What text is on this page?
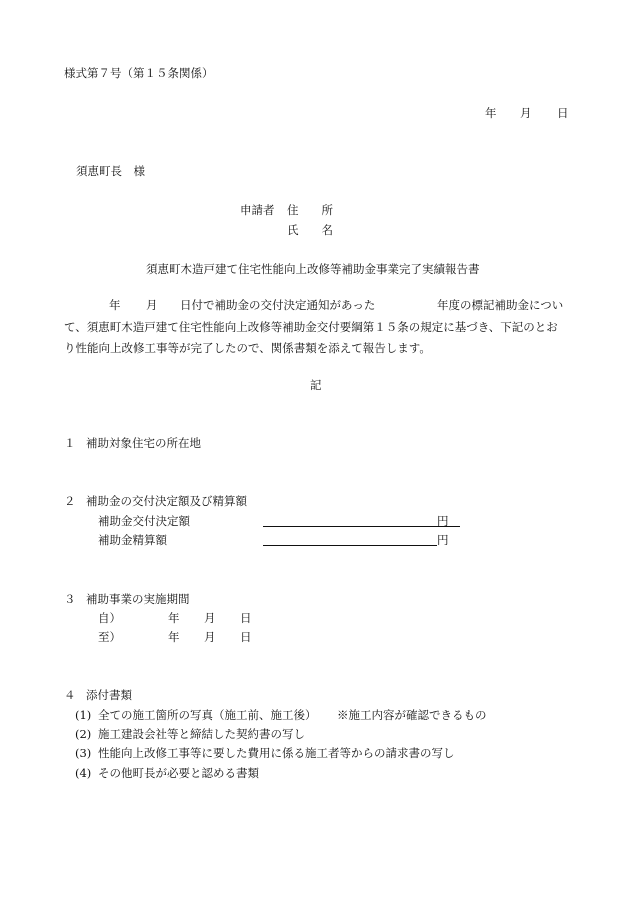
様式第７号（第１５条関係）
年 月 日
須恵町長　様
申請者 住　　所
氏　　名
須恵町木造戸建て住宅性能向上改修等補助金事業完了実績報告書
年 月 日付で補助金の交付決定通知があった	年度の標記補助金につい
て、須恵町木造戸建て住宅性能向上改修等補助金交付要綱第１５条の規定に基づき、下記のとお
り性能向上改修工事等が完了したので、関係書類を添えて報告します。
記
１ 補助対象住宅の所在地
２ 補助金の交付決定額及び精算額
補助金交付決定額	円
補助金精算額	円
３ 補助事業の実施期間
自）	年 月 日
至）	年 月 日
４ 添付書類
(1) 全ての施工箇所の写真（施工前、施工後） ※施工内容が確認できるもの
(2) 施工建設会社等と締結した契約書の写し
(3) 性能向上改修工事等に要した費用に係る施工者等からの請求書の写し
(4) その他町長が必要と認める書類
